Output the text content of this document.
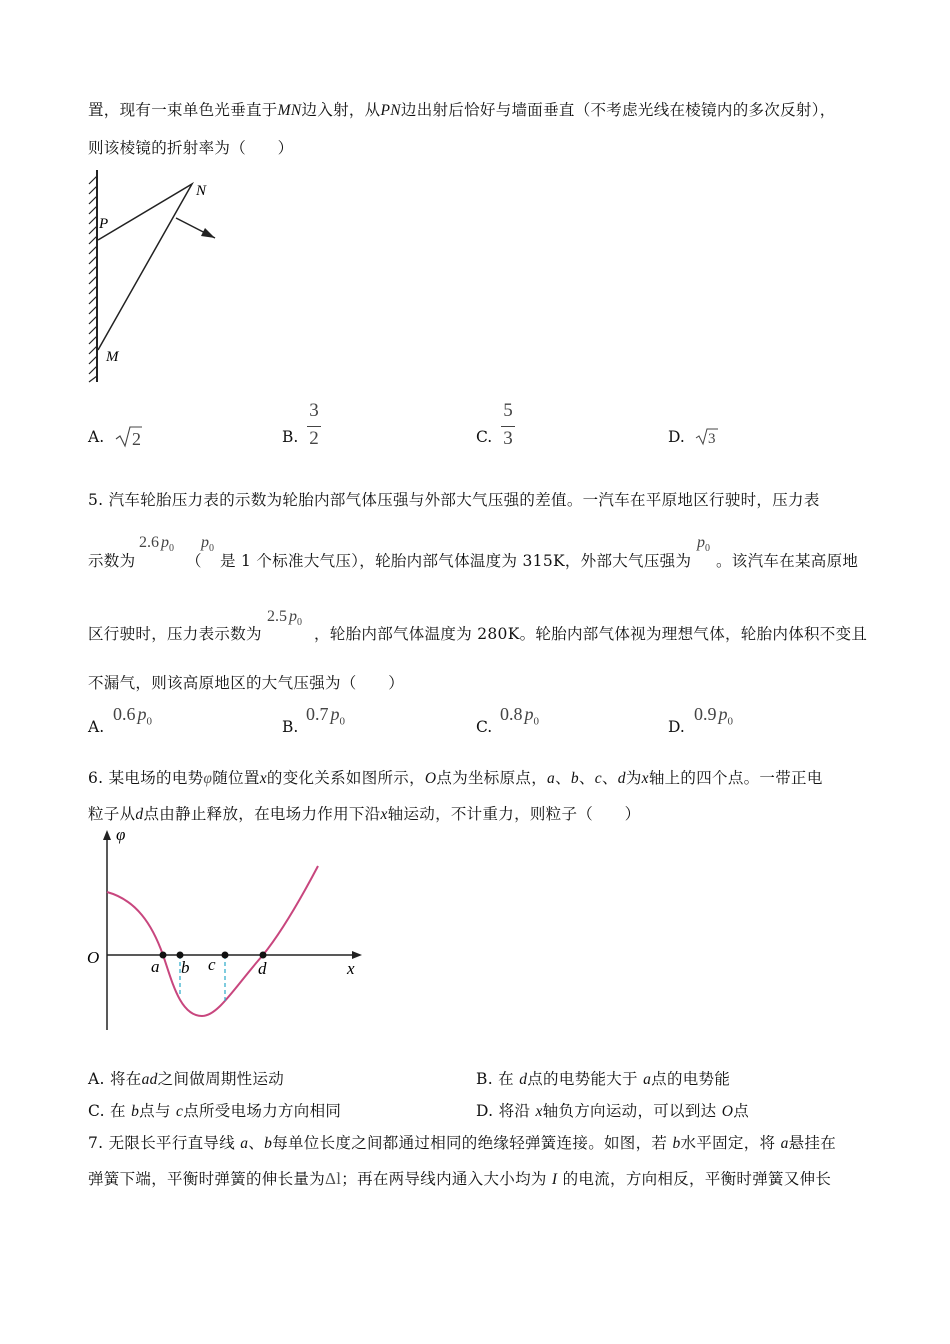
置，现有一束单色光垂直于MN边入射，从PN边出射后恰好与墙面垂直（不考虑光线在棱镜内的多次反射），
则该棱镜的折射率为（　　）
N
P
M
A. 2	B.
3
2	C.
5
3	D. 3
5. 汽车轮胎压力表的示数为轮胎内部气体压强与外部大气压强的差值。一汽车在平原地区行驶时，压力表
示数为
2.6 $p_0$
（
$p_0$
是 1 个标准大气压），轮胎内部气体温度为 315K，外部大气压强为
$p_0$
。该汽车在某高原地
区行驶时，压力表示数为
2.5 $p_0$
，轮胎内部气体温度为 280K。轮胎内部气体视为理想气体，轮胎内体积不变且
不漏气，则该高原地区的大气压强为（　　）
A.
0.6 $p_0$	B.
0.7 $p_0$	C.
0.8 $p_0$	D.
0.9 $p_0$
6. 某电场的电势φ随位置x的变化关系如图所示，O点为坐标原点，a、b、c、d为x轴上的四个点。一带正电
粒子从d点由静止释放，在电场力作用下沿x轴运动，不计重力，则粒子（　　）
φ
x
O	a b c d
A. 将在ad之间做周期性运动	B. 在 d点的电势能大于 a点的电势能
C. 在 b点与 c点所受电场力方向相同	D. 将沿 x轴负方向运动，可以到达 O点
7. 无限长平行直导线 a、b每单位长度之间都通过相同的绝缘轻弹簧连接。如图，若 b水平固定，将 a悬挂在
弹簧下端，平衡时弹簧的伸长量为Δl；再在两导线内通入大小均为 I 的电流，方向相反，平衡时弹簧又伸长
